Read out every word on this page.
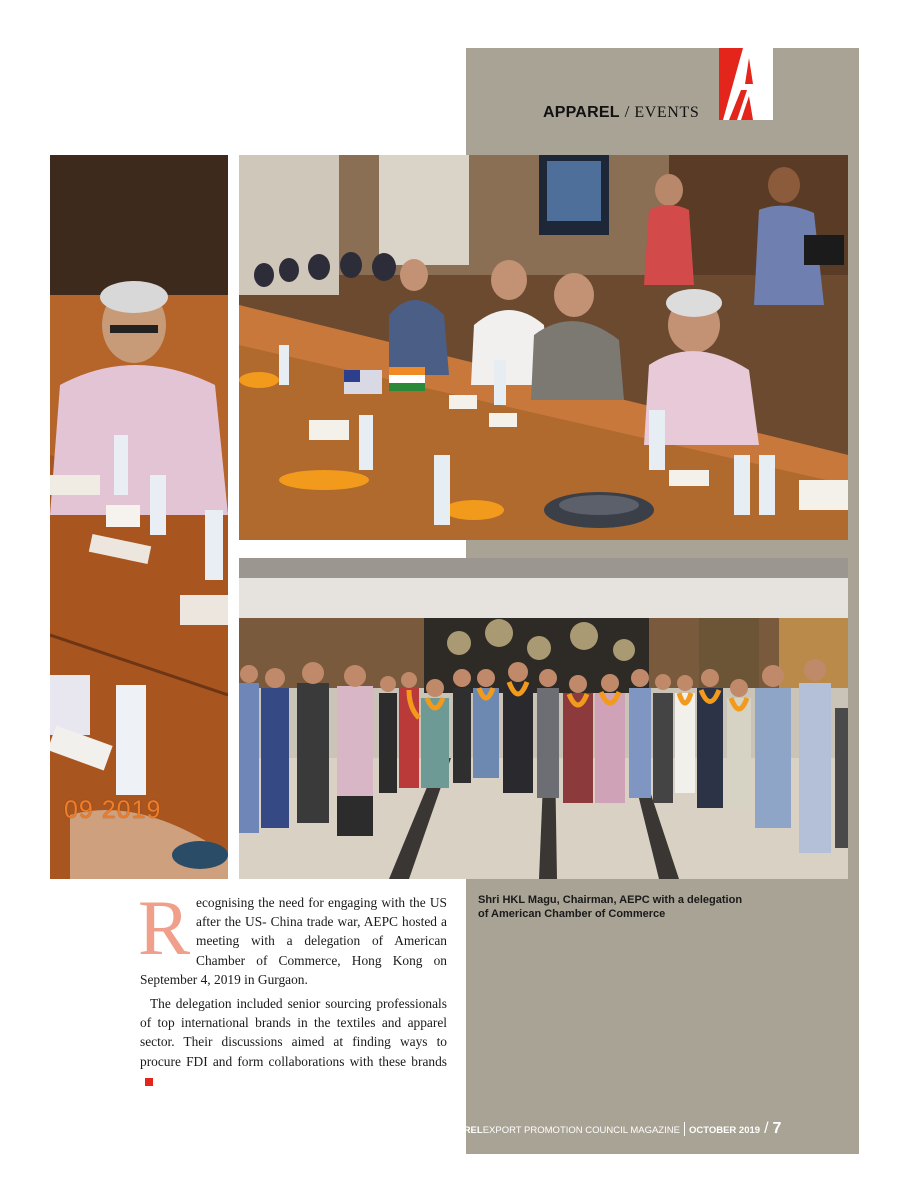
APPAREL / EVENTS
09 2019
R ecognising the need for engaging with the US after the US- China trade war, AEPC hosted a meeting with a delegation of American Chamber of Commerce, Hong Kong on September 4, 2019 in Gurgaon.

The delegation included senior sourcing professionals of top international brands in the textiles and apparel sector. Their discussions aimed at finding ways to procure FDI and form collaborations with these brands

Shri HKL Magu, Chairman, AEPC with a delegation of American Chamber of Commerce
APPAREL EXPORT PROMOTION COUNCIL MAGAZINE OCTOBER 2019 / 7
